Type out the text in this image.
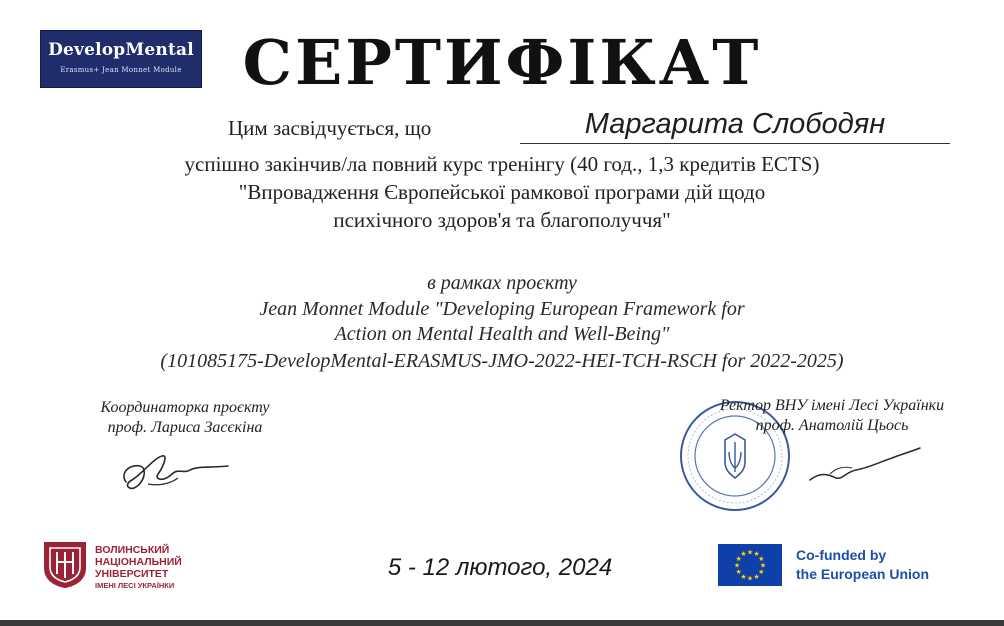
DevelopMental
Erasmus+ Jean Monnet Module СЕРТИФІКАТ
Цим засвідчується, що	Маргарита Слободян
успішно закінчив/ла повний курс тренінгу (40 год., 1,3 кредитів ECTS)
"Впровадження Європейської рамкової програми дій щодо
психічного здоров'я та благополуччя"
в рамках проєкту
Jean Monnet Module "Developing European Framework for
Action on Mental Health and Well-Being"
(101085175-DevelopMental-ERASMUS-JMO-2022-HEI-TCH-RSCH for 2022-2025)
Координаторка проєкту
проф. Лариса Засєкіна
Ректор ВНУ імені Лесі Українки
проф. Анатолій Цьось
ВОЛИНСЬКИЙ
НАЦІОНАЛЬНИЙ
УНІВЕРСИТЕТ
ІМЕНІ ЛЕСІ УКРАЇНКИ
5 - 12 лютого, 2024
★ ★
★
★
★
★
★
★
★
★
★
★	Co-funded by
the European Union
